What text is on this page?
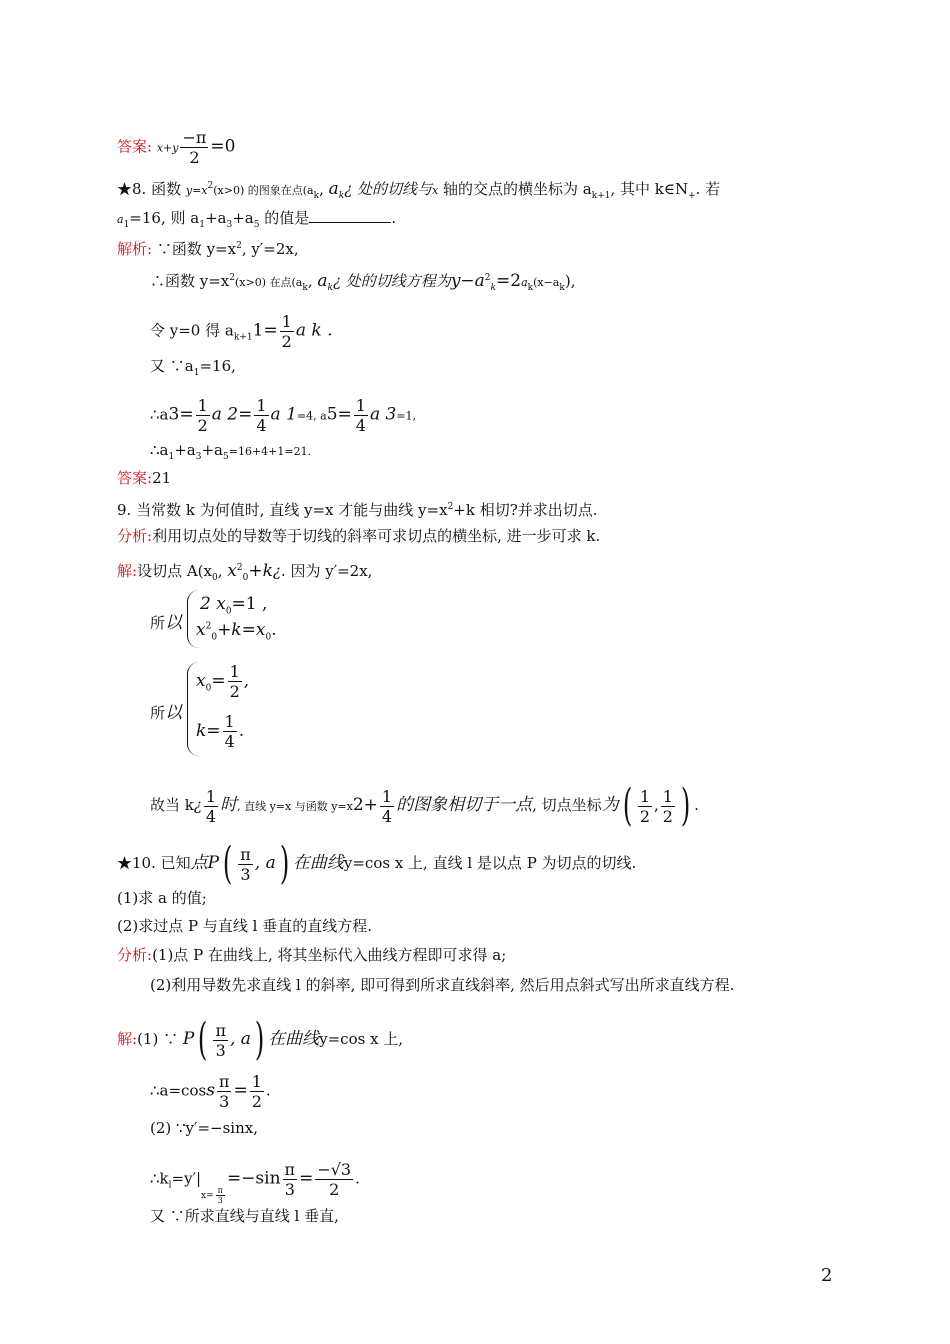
答案: $x+y \frac{-\pi}{2} =0$
★8. 函数 $y=x^2(x>0)$ 的图象在点($a_k$, $a_k¿$ 处的切线与x 轴的交点的横坐标为 $a_{k+1}$, 其中 $k\in N_+$. 若
$a_1=16$, 则 $a_1+a_3+a_5$ 的值是	.
解析: ∵函数 $y=x^2$, y′=2x,
∴函数 $y=x^2(x>0)$ 在点($a_k$, $a_k¿$ 处的切线方程为$y-a^2_k=2a_k(x-a_k)$,
令 y=0 得 $a_{k+1}1= \frac{1}{2}$ a k .
又 $\because a_1=16$,
∴a3= $\frac{1}{2}$ a $2= \frac{1}{4}$ a 1=4, $a5= \frac{1}{4}$ a 3=1,
$\therefore a_1+a_3+a_5=16+4+1=21$.
答案:21
9. 当常数 k 为何值时, 直线 y=x 才能与曲线 $y=x^2+k$ 相切?并求出切点.
分析:利用切点处的导数等于切线的斜率可求切点的横坐标, 进一步可求 k.
解:设切点 $A(x_0$, $x^2_0+k¿$. 因为 y′=2x,
所以
2 $x_0=1$ ,
$x^2_0+k=x_0$.
所以
$x_0= \frac{1}{2}$ ,
$k= \frac{1}{4}$ .
故当 k¿ $\frac{1}{4}$ 时, 直线 y=x 与函数 $y=x2+ \frac{1}{4}$ 的图象相切于一点, 切点坐标为( $\frac{1}{2}$ , $\frac{1}{2}$ ) .
★10. 已知点$P( \frac{\pi}{3}$ , a) 在曲线y=cos x 上, 直线 l 是以点 P 为切点的切线.
(1)求 a 的值;
(2)求过点 P 与直线 l 垂直的直线方程.
分析:(1)点 P 在曲线上, 将其坐标代入曲线方程即可求得 a;
(2)利用导数先求直线 l 的斜率, 即可得到所求直线斜率, 然后用点斜式写出所求直线方程.
解:(1) ∵ $P( \frac{\pi}{3}$ , a) 在曲线y=cos x 上,
∴a=coss $\frac{\pi}{3} = \frac{1}{2}$ .
(2) ∵y′=−sinx,
$\therefore k_l=y'|x= \frac{\pi}{3}$
$=-\sin \frac{\pi}{3} = \frac{-√3}{2}$ .
又 ∵所求直线与直线 l 垂直,
2
